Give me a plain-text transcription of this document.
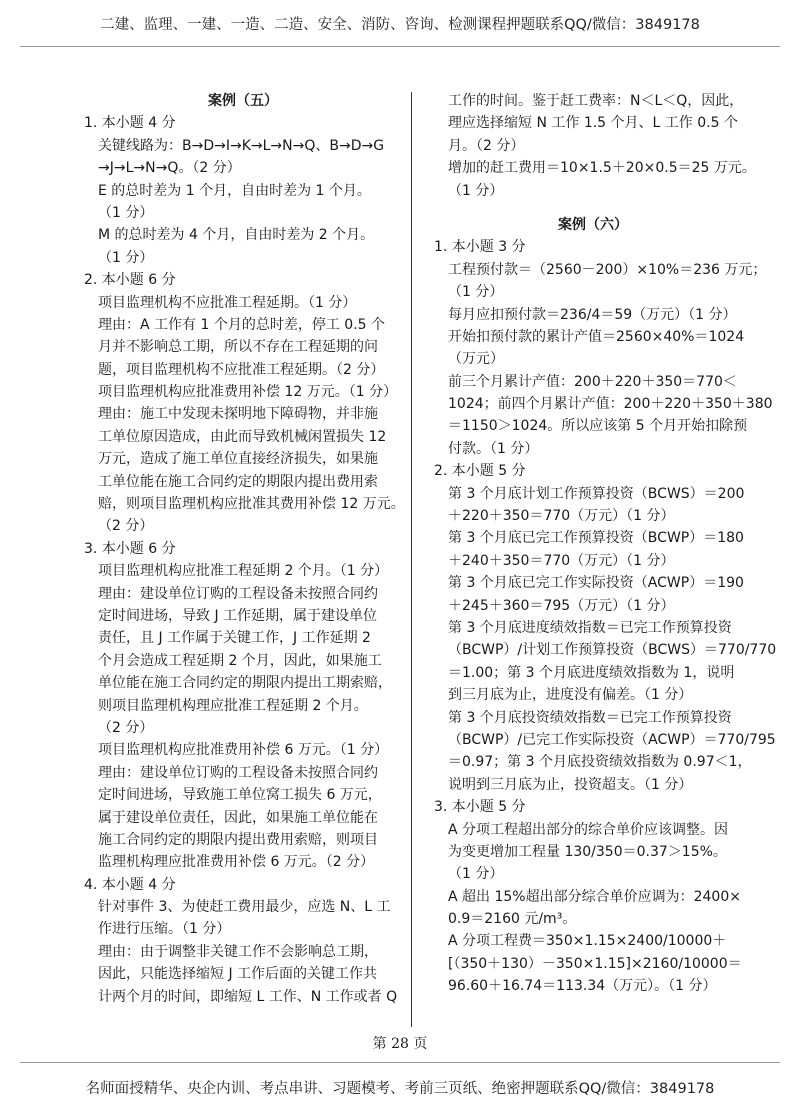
二建、监理、一建、一造、二造、安全、消防、咨询、检测课程押题联系QQ/微信：3849178
案例（五）
1. 本小题 4 分
关键线路为：B→D→I→K→L→N→Q、B→D→G
→J→L→N→Q。（2 分）
E 的总时差为 1 个月，自由时差为 1 个月。
（1 分）
M 的总时差为 4 个月，自由时差为 2 个月。
（1 分）
2. 本小题 6 分
项目监理机构不应批准工程延期。（1 分）
理由：A 工作有 1 个月的总时差，停工 0.5 个
月并不影响总工期，所以不存在工程延期的问
题，项目监理机构不应批准工程延期。（2 分）
项目监理机构应批准费用补偿 12 万元。（1 分）
理由：施工中发现未探明地下障碍物，并非施
工单位原因造成，由此而导致机械闲置损失 12
万元，造成了施工单位直接经济损失，如果施
工单位能在施工合同约定的期限内提出费用索
赔，则项目监理机构应批准其费用补偿 12 万元。
（2 分）
3. 本小题 6 分
项目监理机构应批准工程延期 2 个月。（1 分）
理由：建设单位订购的工程设备未按照合同约
定时间进场，导致 J 工作延期，属于建设单位
责任，且 J 工作属于关键工作，J 工作延期 2
个月会造成工程延期 2 个月，因此，如果施工
单位能在施工合同约定的期限内提出工期索赔，
则项目监理机构理应批准工程延期 2 个月。
（2 分）
项目监理机构应批准费用补偿 6 万元。（1 分）
理由：建设单位订购的工程设备未按照合同约
定时间进场，导致施工单位窝工损失 6 万元，
属于建设单位责任，因此，如果施工单位能在
施工合同约定的期限内提出费用索赔，则项目
监理机构理应批准费用补偿 6 万元。（2 分）
4. 本小题 4 分
针对事件 3、为使赶工费用最少，应选 N、L 工
作进行压缩。（1 分）
理由：由于调整非关键工作不会影响总工期，
因此，只能选择缩短 J 工作后面的关键工作共
计两个月的时间，即缩短 L 工作、N 工作或者 Q
工作的时间。鉴于赶工费率：N＜L＜Q，因此，
理应选择缩短 N 工作 1.5 个月、L 工作 0.5 个
月。（2 分）
增加的赶工费用＝10×1.5＋20×0.5＝25 万元。
（1 分）
案例（六）
1. 本小题 3 分
工程预付款＝（2560－200）×10%＝236 万元；
（1 分）
每月应扣预付款＝236/4＝59（万元）（1 分）
开始扣预付款的累计产值＝2560×40%＝1024
（万元）
前三个月累计产值：200＋220＋350＝770＜
1024；前四个月累计产值：200＋220＋350＋380
＝1150＞1024。所以应该第 5 个月开始扣除预
付款。（1 分）
2. 本小题 5 分
第 3 个月底计划工作预算投资（BCWS）＝200
＋220＋350＝770（万元）（1 分）
第 3 个月底已完工作预算投资（BCWP）＝180
＋240＋350＝770（万元）（1 分）
第 3 个月底已完工作实际投资（ACWP）＝190
＋245＋360＝795（万元）（1 分）
第 3 个月底进度绩效指数＝已完工作预算投资
（BCWP）/计划工作预算投资（BCWS）＝770/770
＝1.00；第 3 个月底进度绩效指数为 1，说明
到三月底为止，进度没有偏差。（1 分）
第 3 个月底投资绩效指数＝已完工作预算投资
（BCWP）/已完工作实际投资（ACWP）＝770/795
＝0.97；第 3 个月底投资绩效指数为 0.97＜1，
说明到三月底为止，投资超支。（1 分）
3. 本小题 5 分
A 分项工程超出部分的综合单价应该调整。因
为变更增加工程量 130/350＝0.37＞15%。
（1 分）
A 超出 15%超出部分综合单价应调为：2400×
0.9＝2160 元/m³。
A 分项工程费＝350×1.15×2400/10000＋
[（350＋130）－350×1.15]×2160/10000＝
96.60＋16.74＝113.34（万元）。（1 分）
第 28 页
名师面授精华、央企内训、考点串讲、习题模考、考前三页纸、绝密押题联系QQ/微信：3849178
